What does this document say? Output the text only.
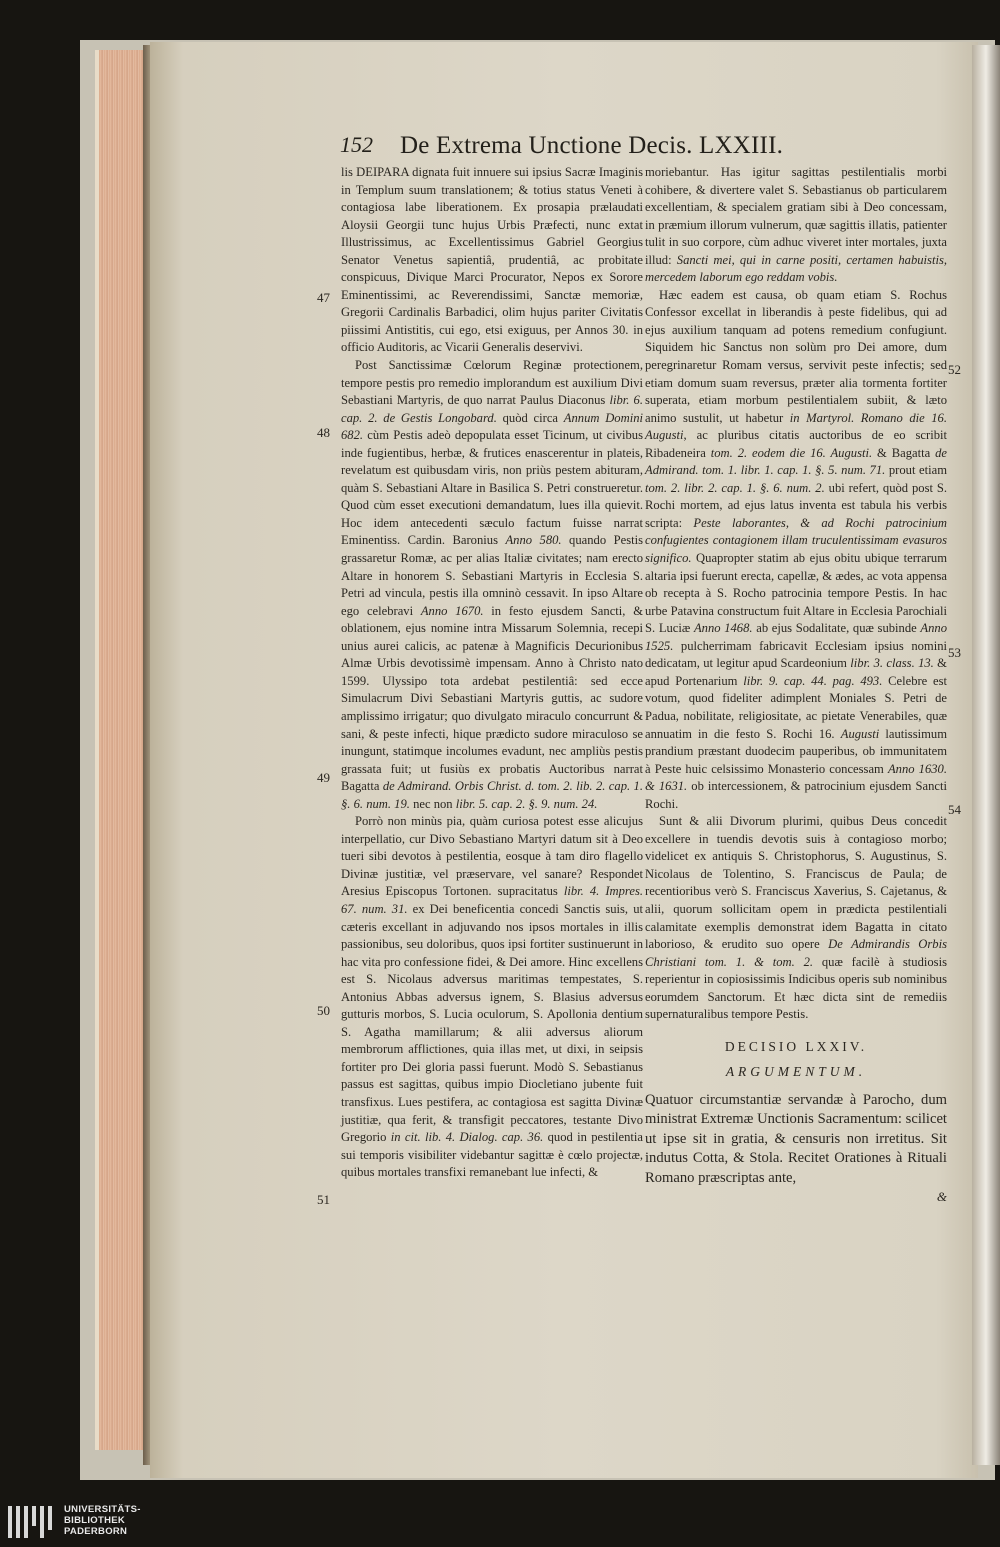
152 De Extrema Unctione Decis. LXXIII.
47
48
49
50
51
52
53
54

lis DEIPARA dignata fuit innuere sui ipsius Sacræ Imaginis in Templum suum translationem; & totius status Veneti à contagiosa labe liberationem. Ex prosapia prælaudati Aloysii Georgii tunc hujus Urbis Præfecti, nunc extat Illustrissimus, ac Excellentissimus Gabriel Georgius Senator Venetus sapientiâ, prudentiâ, ac probitate conspicuus, Divique Marci Procurator, Nepos ex Sorore Eminentissimi, ac Reverendissimi, Sanctæ memoriæ, Gregorii Cardinalis Barbadici, olim hujus pariter Civitatis piissimi Antistitis, cui ego, etsi exiguus, per Annos 30. in officio Auditoris, ac Vicarii Generalis deservivi.

Post Sanctissimæ Cœlorum Reginæ protectionem, tempore pestis pro remedio implorandum est auxilium Divi Sebastiani Martyris, de quo narrat Paulus Diaconus libr. 6. cap. 2. de Gestis Longobard. quòd circa Annum Domini 682. cùm Pestis adeò depopulata esset Ticinum, ut civibus inde fugientibus, herbæ, & frutices enascerentur in plateis, revelatum est quibusdam viris, non priùs pestem abituram, quàm S. Sebastiani Altare in Basilica S. Petri construeretur. Quod cùm esset executioni demandatum, lues illa quievit. Hoc idem antecedenti sæculo factum fuisse narrat Eminentiss. Cardin. Baronius Anno 580. quando Pestis grassaretur Romæ, ac per alias Italiæ civitates; nam erecto Altare in honorem S. Sebastiani Martyris in Ecclesia S. Petri ad vincula, pestis illa omninò cessavit. In ipso Altare ego celebravi Anno 1670. in festo ejusdem Sancti, & oblationem, ejus nomine intra Missarum Solemnia, recepi unius aurei calicis, ac patenæ à Magnificis Decurionibus Almæ Urbis devotissimè impensam. Anno à Christo nato 1599. Ulyssipo tota ardebat pestilentiâ: sed ecce Simulacrum Divi Sebastiani Martyris guttis, ac sudore amplissimo irrigatur; quo divulgato miraculo concurrunt & sani, & peste infecti, hique prædicto sudore miraculoso se inungunt, statimque incolumes evadunt, nec ampliùs pestis grassata fuit; ut fusiùs ex probatis Auctoribus narrat Bagatta de Admirand. Orbis Christ. d. tom. 2. lib. 2. cap. 1. §. 6. num. 19. nec non libr. 5. cap. 2. §. 9. num. 24.

Porrò non minùs pia, quàm curiosa potest esse alicujus interpellatio, cur Divo Sebastiano Martyri datum sit à Deo tueri sibi devotos à pestilentia, eosque à tam diro flagello Divinæ justitiæ, vel præservare, vel sanare? Respondet Aresius Episcopus Tortonen. supracitatus libr. 4. Impres. 67. num. 31. ex Dei beneficentia concedi Sanctis suis, ut cæteris excellant in adjuvando nos ipsos mortales in illis passionibus, seu doloribus, quos ipsi fortiter sustinuerunt in hac vita pro confessione fidei, & Dei amore. Hinc excellens est S. Nicolaus adversus maritimas tempestates, S. Antonius Abbas adversus ignem, S. Blasius adversus gutturis morbos, S. Lucia oculorum, S. Apollonia dentium S. Agatha mamillarum; & alii adversus aliorum membrorum afflictiones, quia illas met, ut dixi, in seipsis fortiter pro Dei gloria passi fuerunt. Modò S. Sebastianus passus est sagittas, quibus impio Diocletiano jubente fuit transfixus. Lues pestifera, ac contagiosa est sagitta Divinæ justitiæ, qua ferit, & transfigit peccatores, testante Divo Gregorio in cit. lib. 4. Dialog. cap. 36. quod in pestilentia sui temporis visibiliter videbantur sagittæ è cœlo projectæ, quibus mortales transfixi remanebant lue infecti, &

moriebantur. Has igitur sagittas pestilentialis morbi cohibere, & divertere valet S. Sebastianus ob particularem excellentiam, & specialem gratiam sibi à Deo concessam, in præmium illorum vulnerum, quæ sagittis illatis, patienter tulit in suo corpore, cùm adhuc viveret inter mortales, juxta illud: Sancti mei, qui in carne positi, certamen habuistis, mercedem laborum ego reddam vobis.

Hæc eadem est causa, ob quam etiam S. Rochus Confessor excellat in liberandis à peste fidelibus, qui ad ejus auxilium tanquam ad potens remedium confugiunt. Siquidem hic Sanctus non solùm pro Dei amore, dum peregrinaretur Romam versus, servivit peste infectis; sed etiam domum suam reversus, præter alia tormenta fortiter superata, etiam morbum pestilentialem subiit, & læto animo sustulit, ut habetur in Martyrol. Romano die 16. Augusti, ac pluribus citatis auctoribus de eo scribit Ribadeneira tom. 2. eodem die 16. Augusti. & Bagatta de Admirand. tom. 1. libr. 1. cap. 1. §. 5. num. 71. prout etiam tom. 2. libr. 2. cap. 1. §. 6. num. 2. ubi refert, quòd post S. Rochi mortem, ad ejus latus inventa est tabula his verbis scripta: Peste laborantes, & ad Rochi patrocinium confugientes contagionem illam truculentissimam evasuros significo. Quapropter statim ab ejus obitu ubique terrarum altaria ipsi fuerunt erecta, capellæ, & ædes, ac vota appensa ob recepta à S. Rocho patrocinia tempore Pestis. In hac urbe Patavina constructum fuit Altare in Ecclesia Parochiali S. Luciæ Anno 1468. ab ejus Sodalitate, quæ subinde Anno 1525. pulcherrimam fabricavit Ecclesiam ipsius nomini dedicatam, ut legitur apud Scardeonium libr. 3. class. 13. & apud Portenarium libr. 9. cap. 44. pag. 493. Celebre est votum, quod fideliter adimplent Moniales S. Petri de Padua, nobilitate, religiositate, ac pietate Venerabiles, quæ annuatim in die festo S. Rochi 16. Augusti lautissimum prandium præstant duodecim pauperibus, ob immunitatem à Peste huic celsissimo Monasterio concessam Anno 1630. & 1631. ob intercessionem, & patrocinium ejusdem Sancti Rochi.

Sunt & alii Divorum plurimi, quibus Deus concedit excellere in tuendis devotis suis à contagioso morbo; videlicet ex antiquis S. Christophorus, S. Augustinus, S. Nicolaus de Tolentino, S. Franciscus de Paula; de recentioribus verò S. Franciscus Xaverius, S. Cajetanus, & alii, quorum sollicitam opem in prædicta pestilentiali calamitate exemplis demonstrat idem Bagatta in citato laborioso, & erudito suo opere De Admirandis Orbis Christiani tom. 1. & tom. 2. quæ facilè à studiosis reperientur in copiosissimis Indicibus operis sub nominibus eorumdem Sanctorum. Et hæc dicta sint de remediis supernaturalibus tempore Pestis.

DECISIO LXXIV.
ARGUMENTUM.

Quatuor circumstantiæ servandæ à Parocho, dum ministrat Extremæ Unctionis Sacramentum: scilicet ut ipse sit in gratia, & censuris non irretitus. Sit indutus Cotta, & Stola. Recitet Orationes à Rituali Romano præscriptas ante,

&
UNIVERSITÄTS-
BIBLIOTHEK
PADERBORN
